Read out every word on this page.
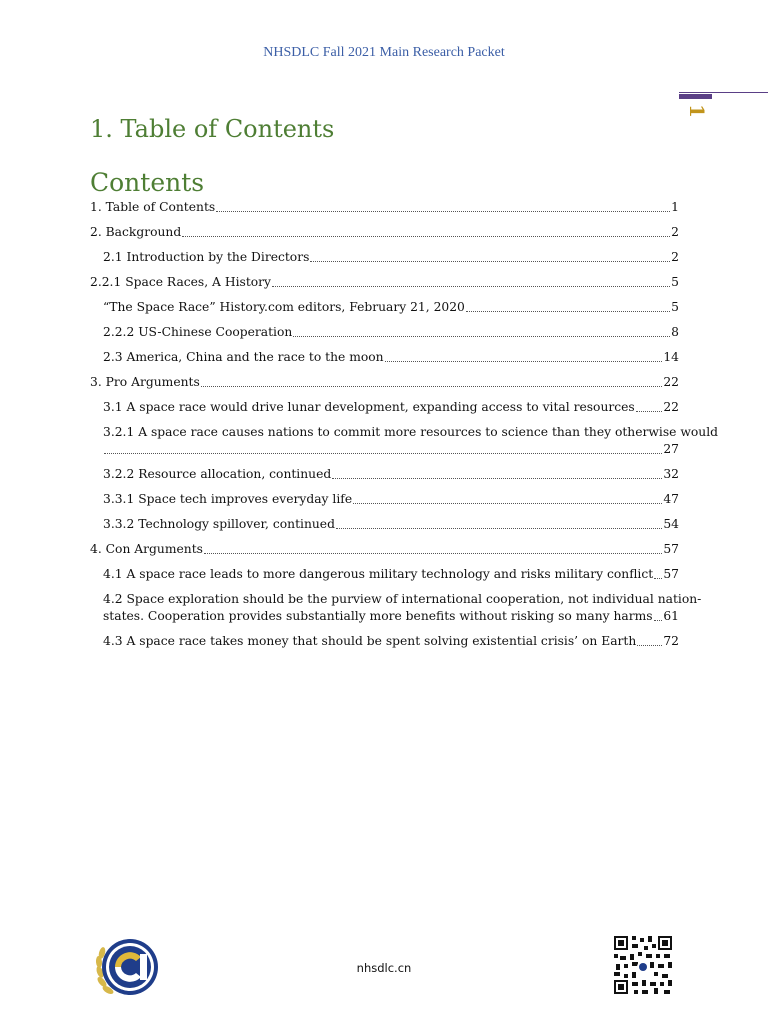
NHSDLC Fall 2021 Main Research Packet
1
1. Table of Contents
Contents
1. Table of Contents	1
2. Background	2
2.1 Introduction by the Directors	2
2.2.1 Space Races, A History	5
“The Space Race” History.com editors, February 21, 2020	5
2.2.2 US-Chinese Cooperation	8
2.3 America, China and the race to the moon	14
3. Pro Arguments	22
3.1 A space race would drive lunar development, expanding access to vital resources 22
3.2.1 A space race causes nations to commit more resources to science than they otherwise would
27
3.2.2 Resource allocation, continued	32
3.3.1 Space tech improves everyday life	47
3.3.2 Technology spillover, continued	54
4. Con Arguments	57
4.1 A space race leads to more dangerous military technology and risks military conflict 57
4.2 Space exploration should be the purview of international cooperation, not individual nation-
states. Cooperation provides substantially more benefits without risking so many harms 61
4.3 A space race takes money that should be spent solving existential crisis’ on Earth 72
nhsdlc.cn
